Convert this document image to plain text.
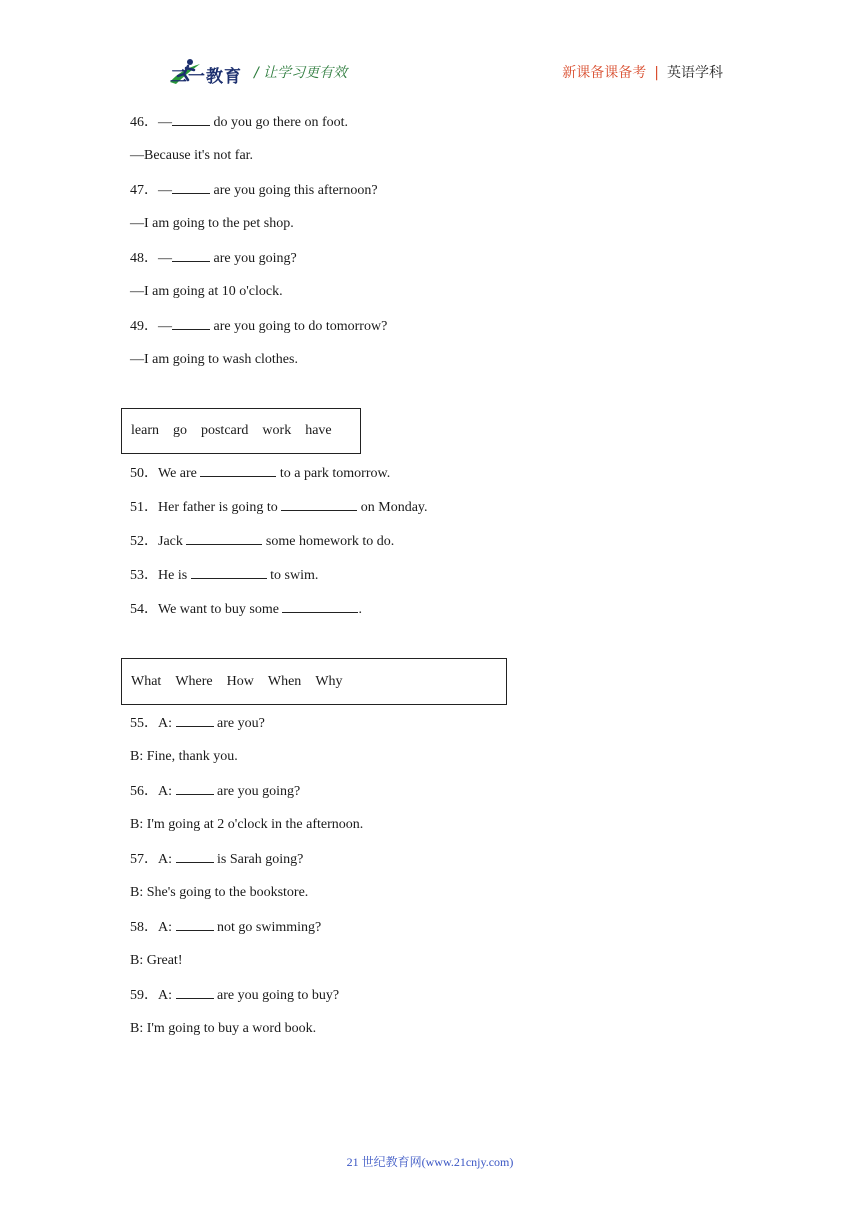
二一教育 / 让学习更有效	新课备课备考 | 英语学科
46．—	do you go there on foot.
—Because it's not far.
47．—	are you going this afternoon?
—I am going to the pet shop.
48．—	are you going?
—I am going at 10 o'clock.
49．—	are you going to do tomorrow?
—I am going to wash clothes.
learn go postcard work have
50．We are	to a park tomorrow.
51．Her father is going to	on Monday.
52．Jack	some homework to do.
53．He is	to swim.
54．We want to buy some	.
What Where How When Why
55．A:	are you?
B: Fine, thank you.
56．A:	are you going?
B: I'm going at 2 o'clock in the afternoon.
57．A:	is Sarah going?
B: She's going to the bookstore.
58．A:	not go swimming?
B: Great!
59．A:	are you going to buy?
B: I'm going to buy a word book.
21 世纪教育网(www.21cnjy.com)
